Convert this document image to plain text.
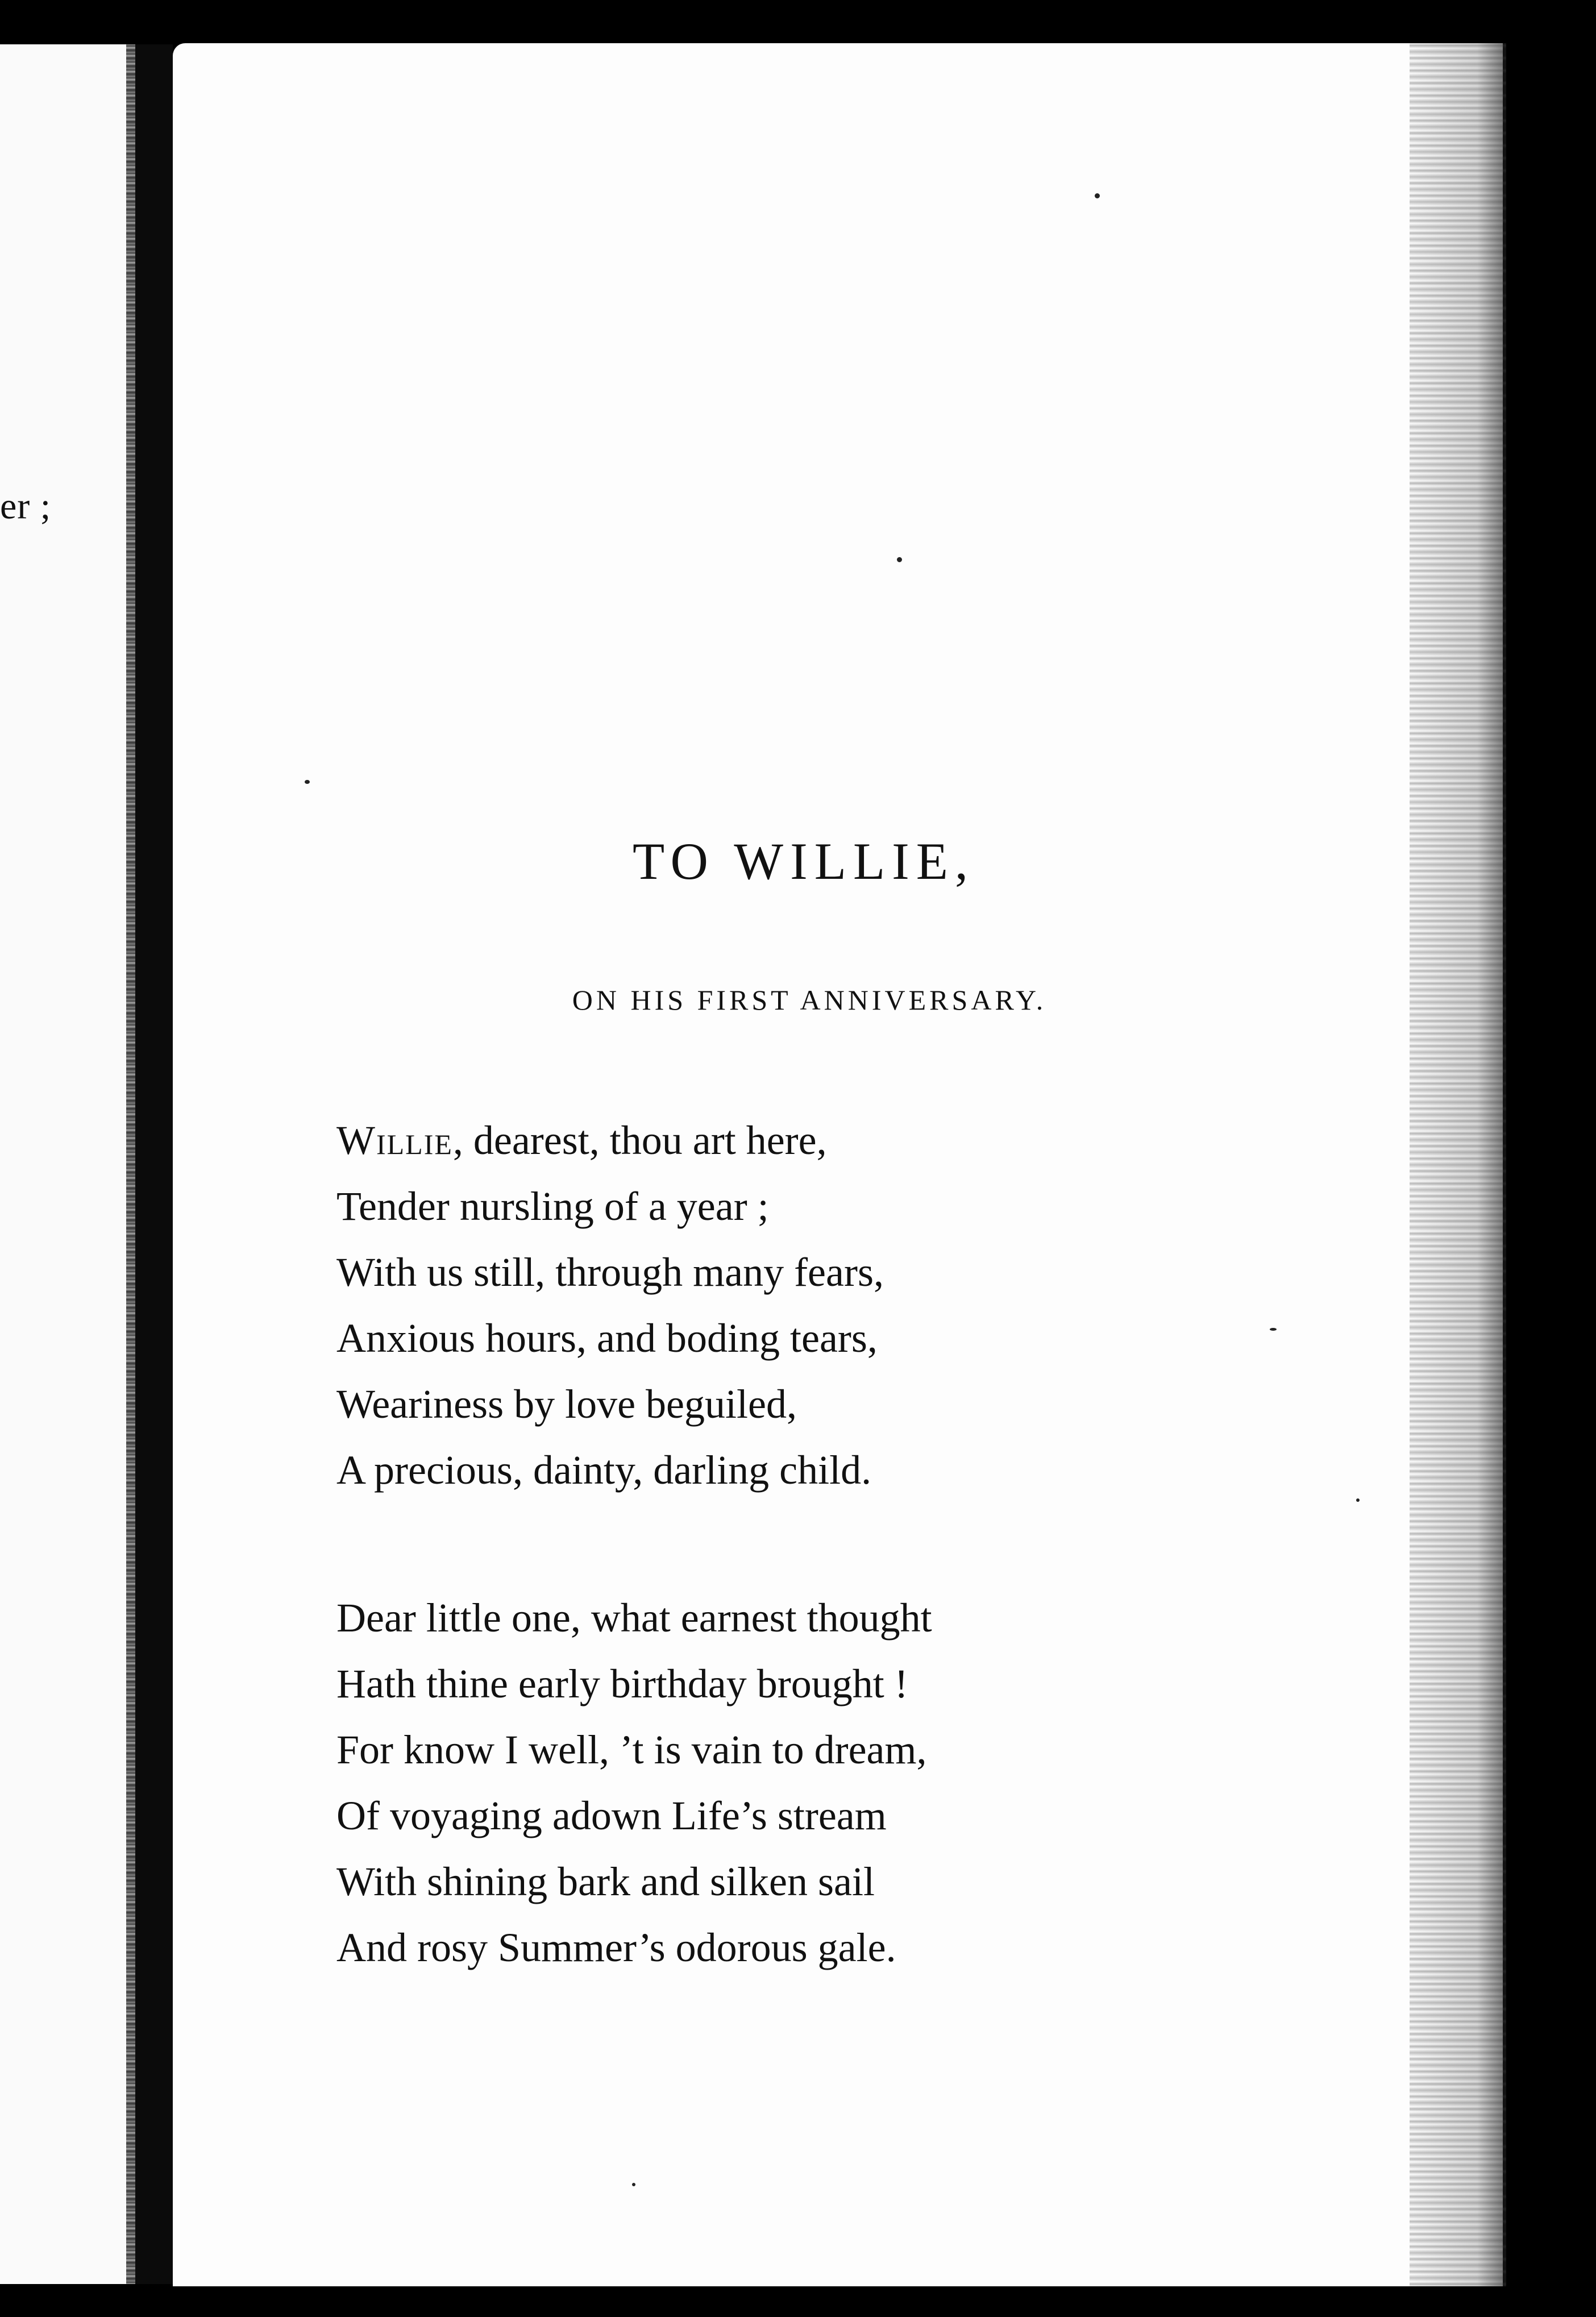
er ;
TO WILLIE,
ON HIS FIRST ANNIVERSARY.
Willie, dearest, thou art here,
Tender nursling of a year ;
With us still, through many fears,
Anxious hours, and boding tears,
Weariness by love beguiled,
A precious, dainty, darling child.
Dear little one, what earnest thought
Hath thine early birthday brought !
For know I well, ’t is vain to dream,
Of voyaging adown Life’s stream
With shining bark and silken sail
And rosy Summer’s odorous gale.
